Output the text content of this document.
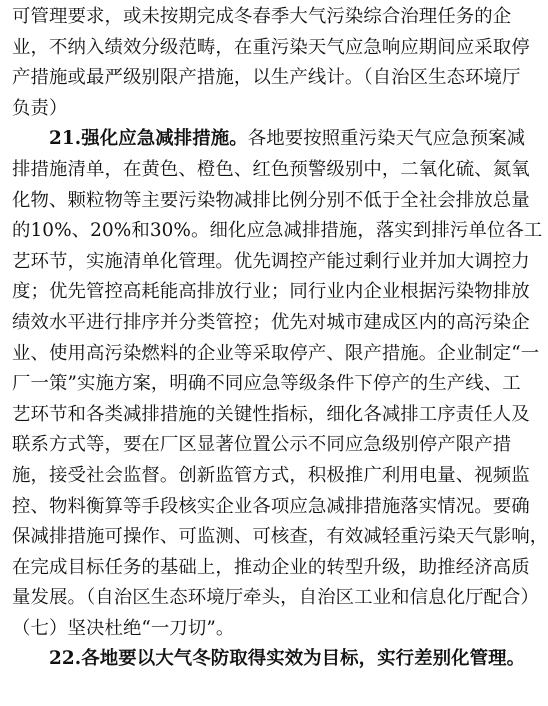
可管理要求，或未按期完成冬春季大气污染综合治理任务的企
业，不纳入绩效分级范畴，在重污染天气应急响应期间应采取停
产措施或最严级别限产措施，以生产线计。（自治区生态环境厅
负责）
21.强化应急减排措施。各地要按照重污染天气应急预案减
排措施清单，在黄色、橙色、红色预警级别中，二氧化硫、氮氧
化物、颗粒物等主要污染物减排比例分别不低于全社会排放总量
的10%、20%和30%。细化应急减排措施，落实到排污单位各工
艺环节，实施清单化管理。优先调控产能过剩行业并加大调控力
度；优先管控高耗能高排放行业；同行业内企业根据污染物排放
绩效水平进行排序并分类管控；优先对城市建成区内的高污染企
业、使用高污染燃料的企业等采取停产、限产措施。企业制定“一
厂一策”实施方案，明确不同应急等级条件下停产的生产线、工
艺环节和各类减排措施的关键性指标，细化各减排工序责任人及
联系方式等，要在厂区显著位置公示不同应急级别停产限产措
施，接受社会监督。创新监管方式，积极推广利用电量、视频监
控、物料衡算等手段核实企业各项应急减排措施落实情况。要确
保减排措施可操作、可监测、可核查，有效减轻重污染天气影响，
在完成目标任务的基础上，推动企业的转型升级，助推经济高质
量发展。（自治区生态环境厅牵头，自治区工业和信息化厅配合）
（七）坚决杜绝“一刀切”。
22.各地要以大气冬防取得实效为目标，实行差别化管理。
